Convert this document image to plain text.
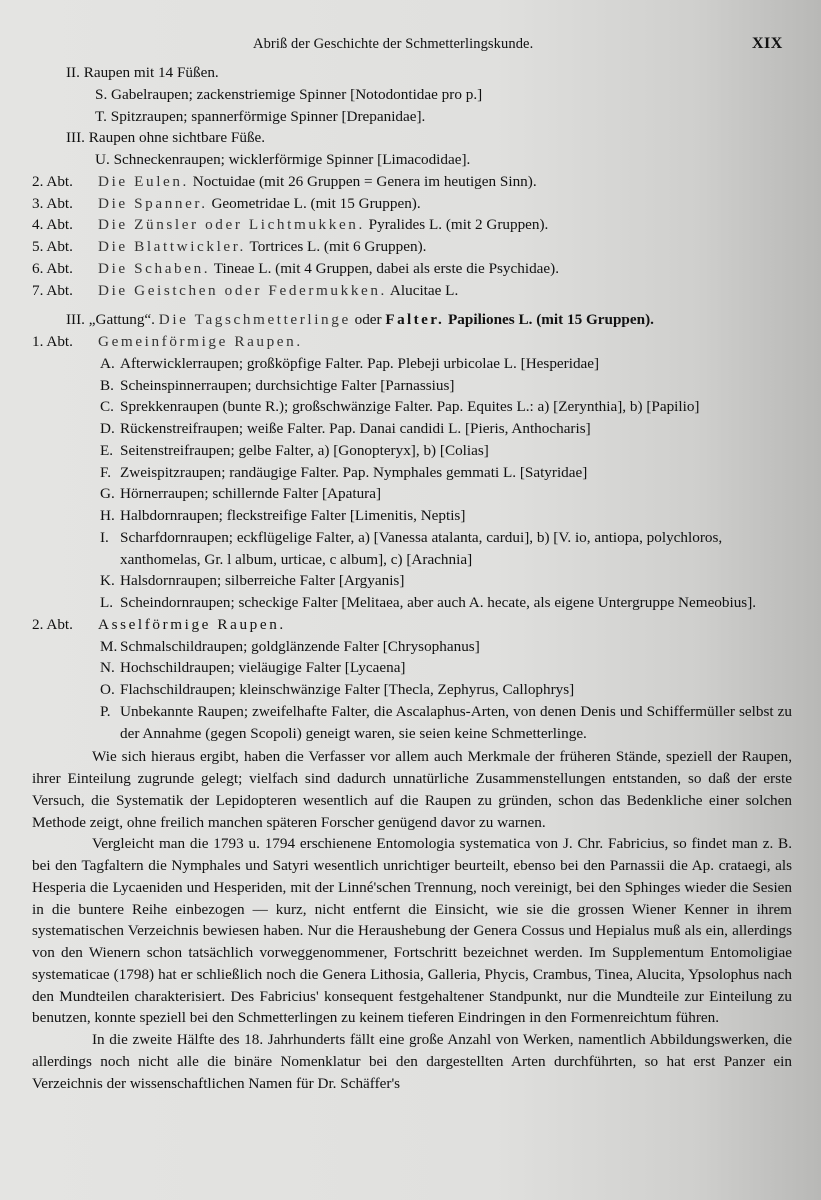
Abriß der Geschichte der Schmetterlingskunde.	XIX
II. Raupen mit 14 Füßen.
S. Gabelraupen; zackenstriemige Spinner [Notodontidae pro p.]
T. Spitzraupen; spannerförmige Spinner [Drepanidae].
III. Raupen ohne sichtbare Füße.
U. Schneckenraupen; wicklerförmige Spinner [Limacodidae].
2. Abt. Die Eulen. Noctuidae (mit 26 Gruppen = Genera im heutigen Sinn).
3. Abt. Die Spanner. Geometridae L. (mit 15 Gruppen).
4. Abt. Die Zünsler oder Lichtmukken. Pyralides L. (mit 2 Gruppen).
5. Abt. Die Blattwickler. Tortrices L. (mit 6 Gruppen).
6. Abt. Die Schaben. Tineae L. (mit 4 Gruppen, dabei als erste die Psychidae).
7. Abt. Die Geistchen oder Federmukken. Alucitae L.
III. „Gattung“. Die Tagschmetterlinge oder Falter. Papiliones L. (mit 15 Gruppen).
1. Abt. Gemeinförmige Raupen.
A. Afterwicklerraupen; großköpfige Falter. Pap. Plebeji urbicolae L. [Hesperidae]
B. Scheinspinnerraupen; durchsichtige Falter [Parnassius]
C. Sprekkenraupen (bunte R.); großschwänzige Falter. Pap. Equites L.: a) [Zerynthia], b) [Papilio]
D. Rückenstreifraupen; weiße Falter. Pap. Danai candidi L. [Pieris, Anthocharis]
E. Seitenstreifraupen; gelbe Falter, a) [Gonopteryx], b) [Colias]
F. Zweispitzraupen; randäugige Falter. Pap. Nymphales gemmati L. [Satyridae]
G. Hörnerraupen; schillernde Falter [Apatura]
H. Halbdornraupen; fleckstreifige Falter [Limenitis, Neptis]
I. Scharfdornraupen; eckflügelige Falter, a) [Vanessa atalanta, cardui], b) [V. io, antiopa, polychloros, xanthomelas, Gr. l album, urticae, c album], c) [Arachnia]
K. Halsdornraupen; silberreiche Falter [Argyanis]
L. Scheindornraupen; scheckige Falter [Melitaea, aber auch A. hecate, als eigene Untergruppe Nemeobius].
2. Abt. Asselförmige Raupen.
M. Schmalschildraupen; goldglänzende Falter [Chrysophanus]
N. Hochschildraupen; vieläugige Falter [Lycaena]
O. Flachschildraupen; kleinschwänzige Falter [Thecla, Zephyrus, Callophrys]
P. Unbekannte Raupen; zweifelhafte Falter, die Ascalaphus-Arten, von denen Denis und Schiffermüller selbst zu der Annahme (gegen Scopoli) geneigt waren, sie seien keine Schmetterlinge.

Wie sich hieraus ergibt, haben die Verfasser vor allem auch Merkmale der früheren Stände, speziell der Raupen, ihrer Einteilung zugrunde gelegt; vielfach sind dadurch unnatürliche Zusammenstellungen entstanden, so daß der erste Versuch, die Systematik der Lepidopteren wesentlich auf die Raupen zu gründen, schon das Bedenkliche einer solchen Methode zeigt, ohne freilich manchen späteren Forscher genügend davor zu warnen.

Vergleicht man die 1793 u. 1794 erschienene Entomologia systematica von J. Chr. Fabricius, so findet man z. B. bei den Tagfaltern die Nymphales und Satyri wesentlich unrichtiger beurteilt, ebenso bei den Parnassii die Ap. crataegi, als Hesperia die Lycaeniden und Hesperiden, mit der Linné'schen Trennung, noch vereinigt, bei den Sphinges wieder die Sesien in die buntere Reihe einbezogen — kurz, nicht entfernt die Einsicht, wie sie die grossen Wiener Kenner in ihrem systematischen Verzeichnis bewiesen haben. Nur die Heraushebung der Genera Cossus und Hepialus muß als ein, allerdings von den Wienern schon tatsächlich vorweggenommener, Fortschritt bezeichnet werden. Im Supplementum Entomoligiae systematicae (1798) hat er schließlich noch die Genera Lithosia, Galleria, Phycis, Crambus, Tinea, Alucita, Ypsolophus nach den Mundteilen charakterisiert. Des Fabricius' konsequent festgehaltener Standpunkt, nur die Mundteile zur Einteilung zu benutzen, konnte speziell bei den Schmetterlingen zu keinem tieferen Eindringen in den Formenreichtum führen.

In die zweite Hälfte des 18. Jahrhunderts fällt eine große Anzahl von Werken, namentlich Abbildungswerken, die allerdings noch nicht alle die binäre Nomenklatur bei den dargestellten Arten durchführten, so hat erst Panzer ein Verzeichnis der wissenschaftlichen Namen für Dr. Schäffer's
